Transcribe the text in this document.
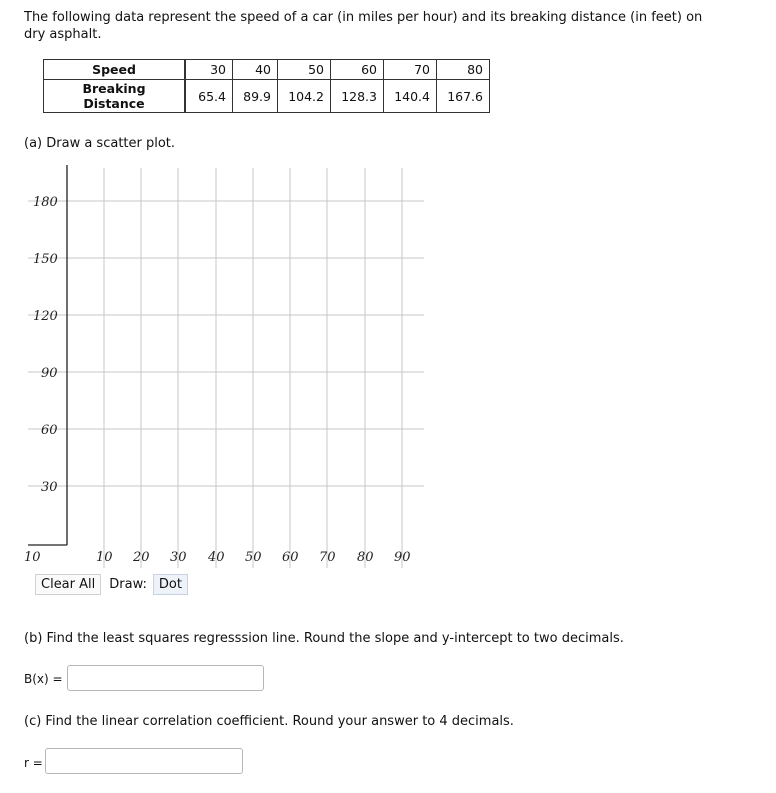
The following data represent the speed of a car (in miles per hour) and its breaking distance (in feet) on dry asphalt.
Speed	30	40	50	60	70	80
Breaking Distance	65.4	89.9	104.2	128.3	140.4	167.6
(a) Draw a scatter plot.
180
150
120
90
60
30
10	10 20 30 40 50 60 70 80 90
Clear All	Draw: Dot
(b) Find the least squares regresssion line. Round the slope and y-intercept to two decimals.
B(x) =
(c) Find the linear correlation coefficient. Round your answer to 4 decimals.
r =
